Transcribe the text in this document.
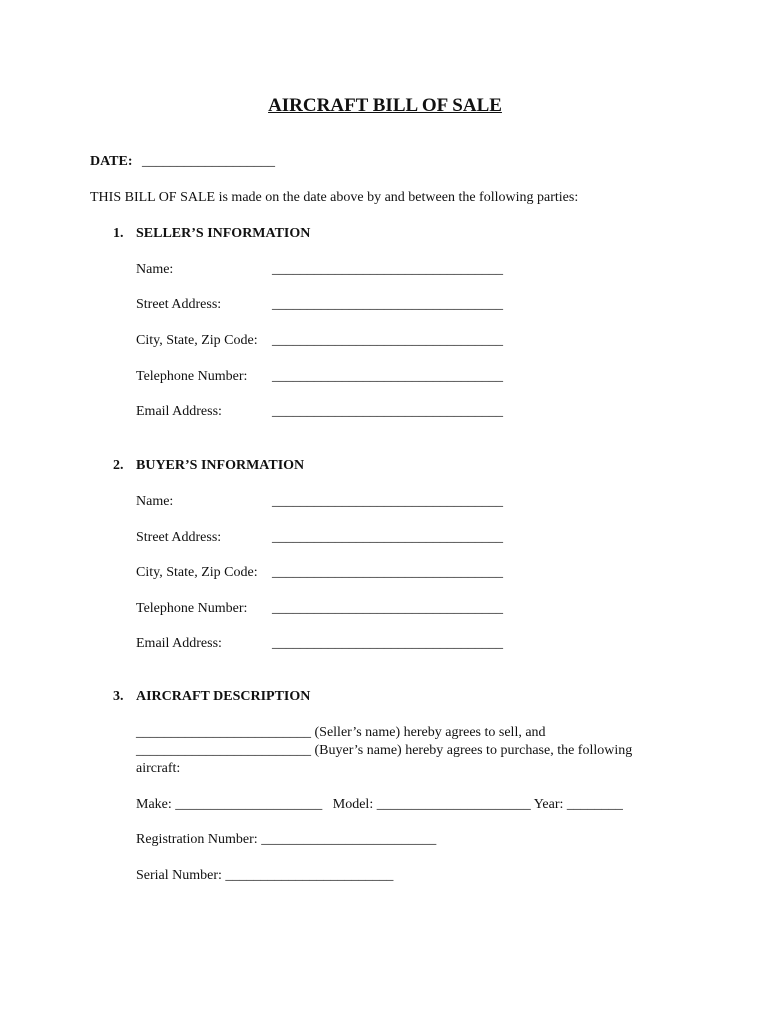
AIRCRAFT BILL OF SALE
DATE: ___________________
THIS BILL OF SALE is made on the date above by and between the following parties:
1. SELLER’S INFORMATION
Name:	_________________________________
Street Address:	_________________________________
City, State, Zip Code: _________________________________
Telephone Number: _________________________________
Email Address:	_________________________________
2. BUYER’S INFORMATION
Name:	_________________________________
Street Address:	_________________________________
City, State, Zip Code: _________________________________
Telephone Number: _________________________________
Email Address:	_________________________________
3. AIRCRAFT DESCRIPTION
_________________________ (Seller’s name) hereby agrees to sell, and
_________________________ (Buyer’s name) hereby agrees to purchase, the following
aircraft:
Make: _____________________   Model: ______________________ Year: ________
Registration Number: _________________________
Serial Number: ________________________
